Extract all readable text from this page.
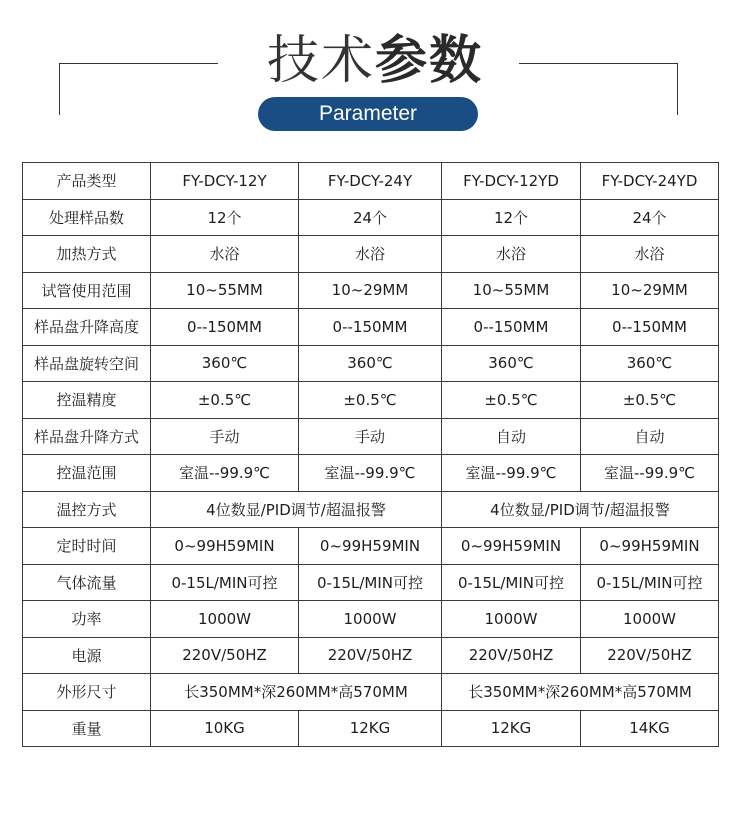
技术参数
Parameter
产品类型	FY-DCY-12Y	FY-DCY-24Y	FY-DCY-12YD	FY-DCY-24YD
处理样品数	12个	24个	12个	24个
加热方式	水浴	水浴	水浴	水浴
试管使用范围	10~55MM	10~29MM	10~55MM	10~29MM
样品盘升降高度	0--150MM	0--150MM	0--150MM	0--150MM
样品盘旋转空间	360℃	360℃	360℃	360℃
控温精度	±0.5℃	±0.5℃	±0.5℃	±0.5℃
样品盘升降方式	手动	手动	自动	自动
控温范围	室温--99.9℃	室温--99.9℃	室温--99.9℃	室温--99.9℃
温控方式	4位数显/PID调节/超温报警		4位数显/PID调节/超温报警	
定时时间	0~99H59MIN	0~99H59MIN	0~99H59MIN	0~99H59MIN
气体流量	0-15L/MIN可控	0-15L/MIN可控	0-15L/MIN可控	0-15L/MIN可控
功率	1000W	1000W	1000W	1000W
电源	220V/50HZ	220V/50HZ	220V/50HZ	220V/50HZ
外形尺寸	长350MM*深260MM*高570MM		长350MM*深260MM*高570MM	
重量	10KG	12KG	12KG	14KG
